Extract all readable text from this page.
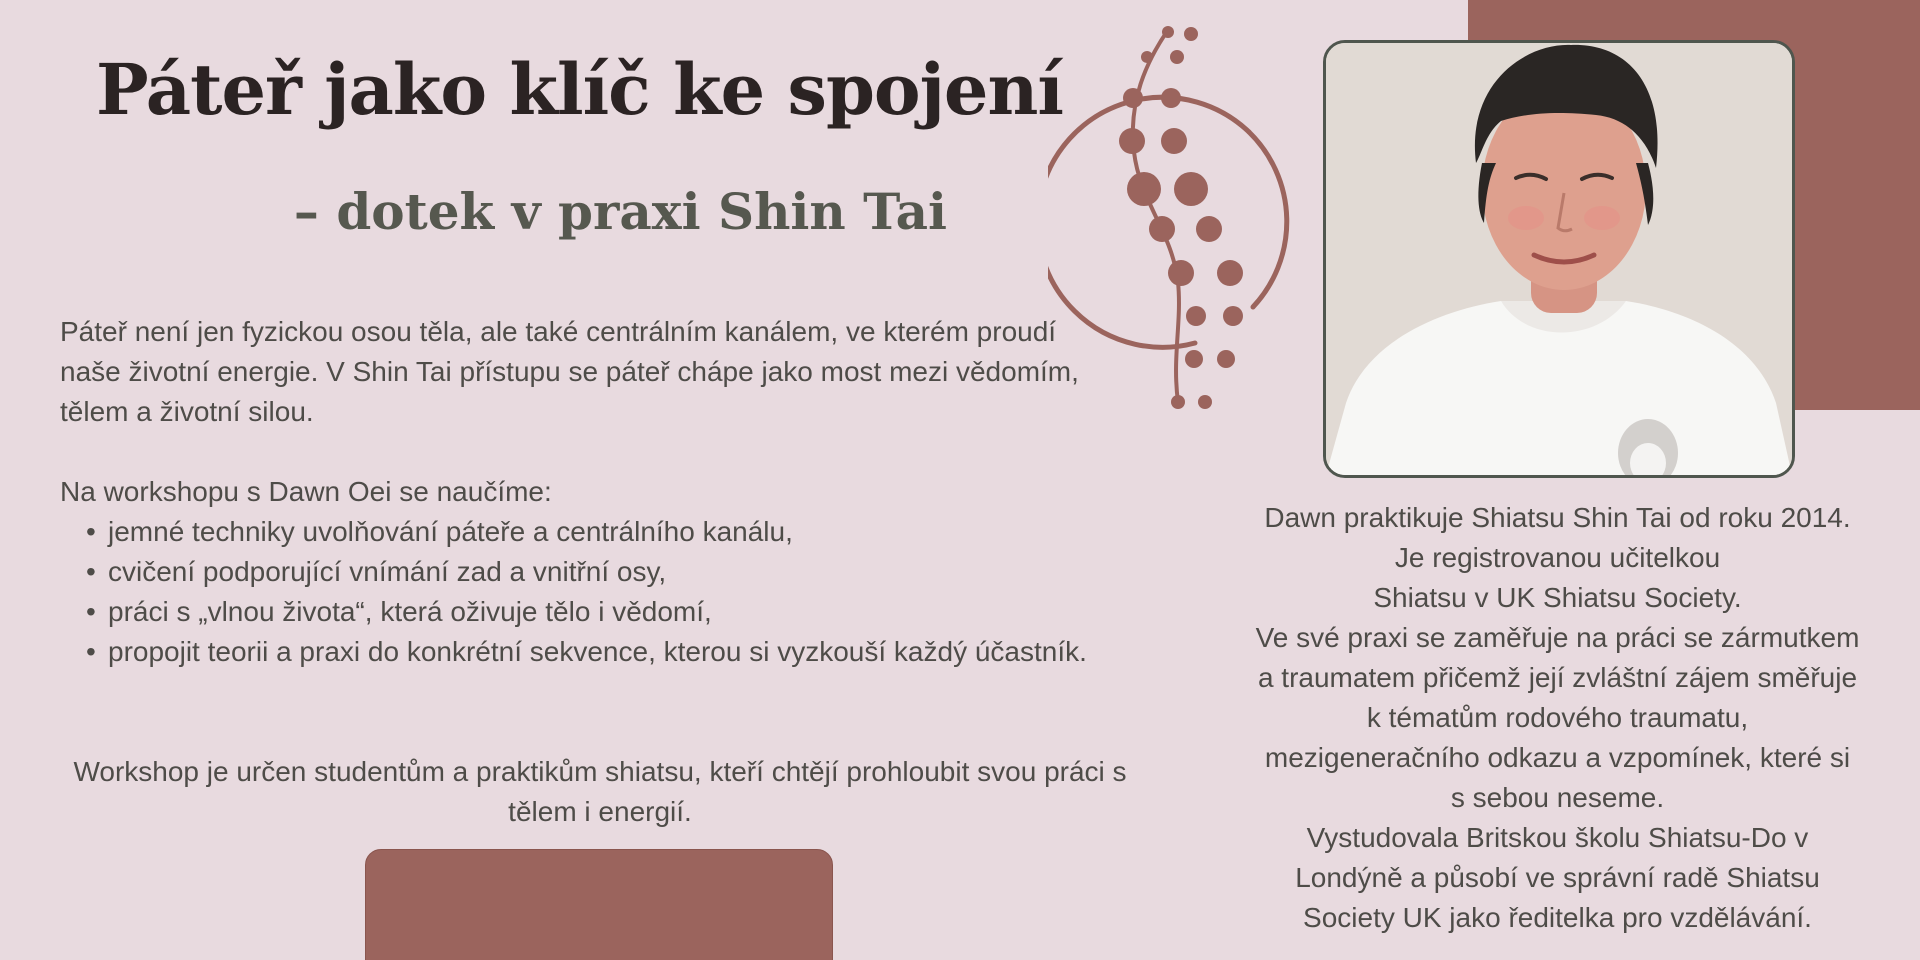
Páteř jako klíč ke spojení
– dotek v praxi Shin Tai

Páteř není jen fyzickou osou těla, ale také centrálním kanálem, ve kterém proudí naše životní energie. V Shin Tai přístupu se páteř chápe jako most mezi vědomím, tělem a životní silou.

Na workshopu s Dawn Oei se naučíme:

• jemné techniky uvolňování páteře a centrálního kanálu,
• cvičení podporující vnímání zad a vnitřní osy,
• práci s „vlnou života“, která oživuje tělo i vědomí,
• propojit teorii a praxi do konkrétní sekvence, kterou si vyzkouší každý účastník.

Workshop je určen studentům a praktikům shiatsu, kteří chtějí prohloubit svou práci s tělem i energií.

Dawn praktikuje Shiatsu Shin Tai od roku 2014.

Je registrovanou učitelkou

Shiatsu v UK Shiatsu Society.

Ve své praxi se zaměřuje na práci se zármutkem

a traumatem přičemž její zvláštní zájem směřuje

k tématům rodového traumatu,

mezigeneračního odkazu a vzpomínek, které si

s sebou neseme.

Vystudovala Britskou školu Shiatsu-Do v

Londýně a působí ve správní radě Shiatsu

Society UK jako ředitelka pro vzdělávání.
